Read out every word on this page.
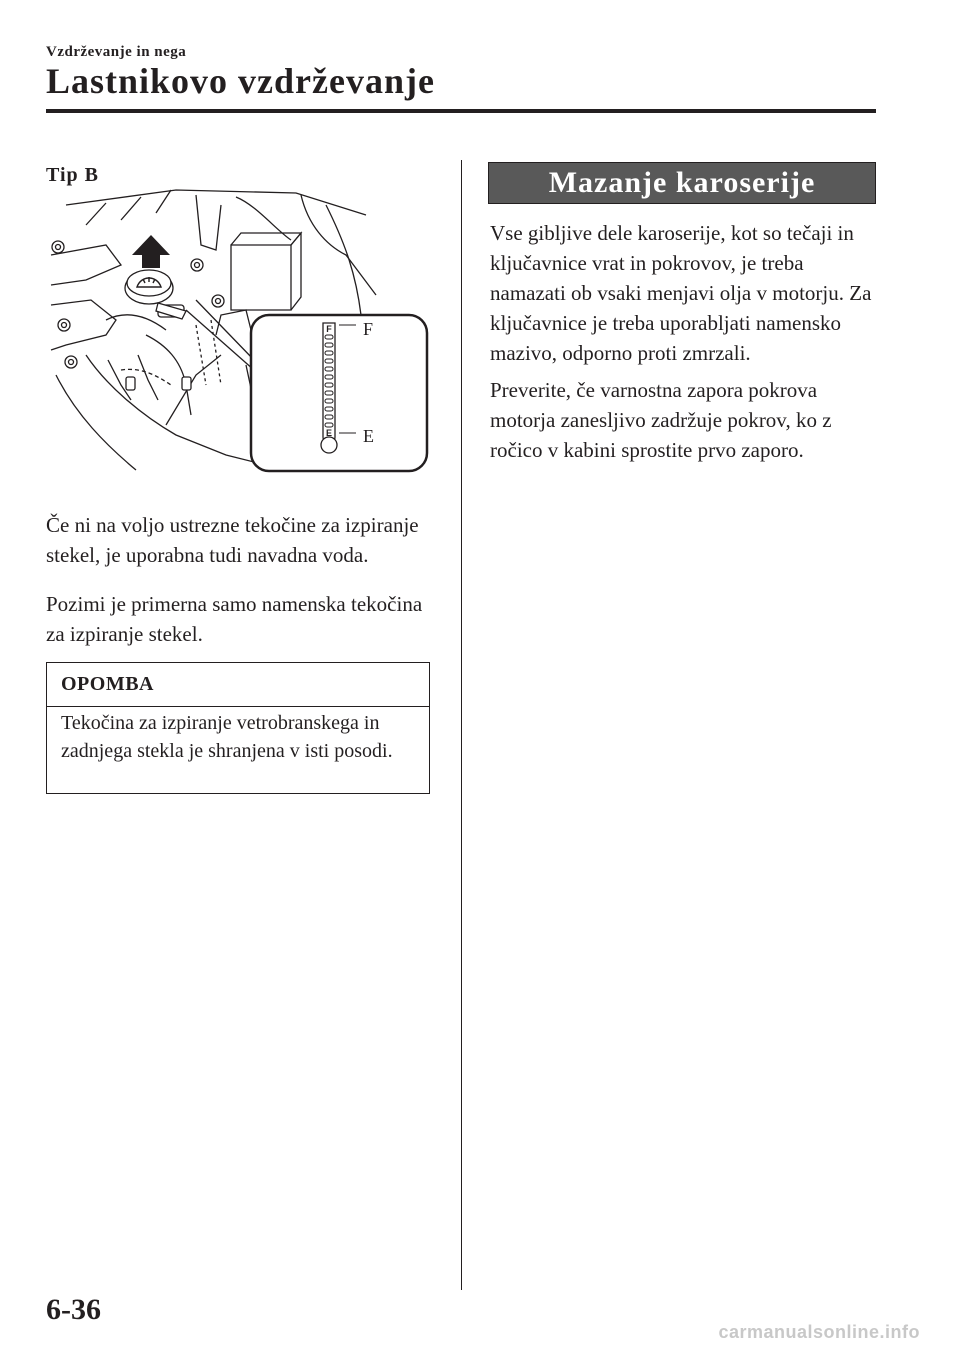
Vzdrževanje in nega
Lastnikovo vzdrževanje
Tip B
F
E
F
E

Če ni na voljo ustrezne tekočine za izpiranje stekel, je uporabna tudi navadna voda.

Pozimi je primerna samo namenska tekočina za izpiranje stekel.

OPOMBA

Tekočina za izpiranje vetrobranskega in zadnjega stekla je shranjena v isti posodi.

Mazanje karoserije

Vse gibljive dele karoserije, kot so tečaji in ključavnice vrat in pokrovov, je treba namazati ob vsaki menjavi olja v motorju. Za ključavnice je treba uporabljati namensko mazivo, odporno proti zmrzali.

Preverite, če varnostna zapora pokrova motorja zanesljivo zadržuje pokrov, ko z ročico v kabini sprostite prvo zaporo.

6-36
carmanualsonline.info
